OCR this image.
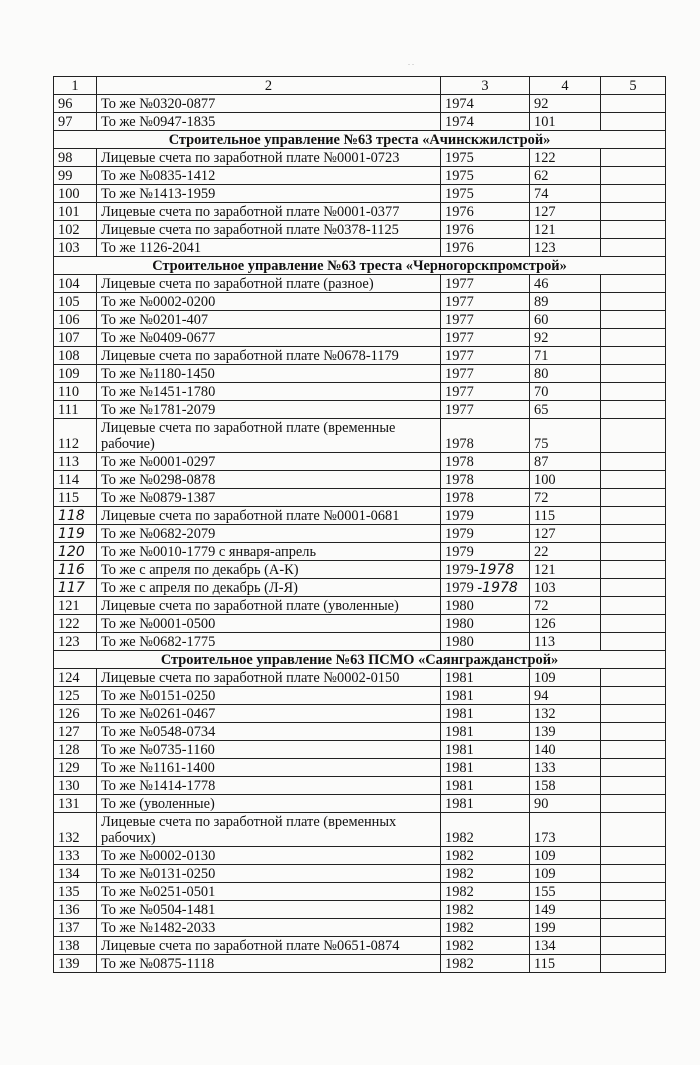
..
1	2	3	4	5
96	То же №0320-0877	1974	92	
97	То же №0947-1835	1974	101	
Строительное управление №63 треста «Ачинскжилстрой»				
98	Лицевые счета по заработной плате №0001-0723	1975	122	
99	То же №0835-1412	1975	62	
100	То же №1413-1959	1975	74	
101	Лицевые счета по заработной плате №0001-0377	1976	127	
102	Лицевые счета по заработной плате №0378-1125	1976	121	
103	То же 1126-2041	1976	123	
Строительное управление №63 треста «Черногорскпромстрой»				
104	Лицевые счета по заработной плате (разное)	1977	46	
105	То же №0002-0200	1977	89	
106	То же №0201-407	1977	60	
107	То же №0409-0677	1977	92	
108	Лицевые счета по заработной плате №0678-1179	1977	71	
109	То же №1180-1450	1977	80	
110	То же №1451-1780	1977	70	
111	То же №1781-2079	1977	65	
112	Лицевые счета по заработной плате (временные рабочие)	1978	75	
113	То же №0001-0297	1978	87	
114	То же №0298-0878	1978	100	
115	То же №0879-1387	1978	72	
118	Лицевые счета по заработной плате №0001-0681	1979	115	
119	То же №0682-2079	1979	127	
120	То же №0010-1779 с января-апрель	1979	22	
116	То же с апреля по декабрь (А-К)	1979-1978	121	
117	То же с апреля по декабрь (Л-Я)	1979 -1978	103	
121	Лицевые счета по заработной плате (уволенные)	1980	72	
122	То же №0001-0500	1980	126	
123	То же №0682-1775	1980	113	
Строительное управление №63 ПСМО «Саянгражданстрой»				
124	Лицевые счета по заработной плате №0002-0150	1981	109	
125	То же №0151-0250	1981	94	
126	То же №0261-0467	1981	132	
127	То же №0548-0734	1981	139	
128	То же №0735-1160	1981	140	
129	То же №1161-1400	1981	133	
130	То же №1414-1778	1981	158	
131	То же (уволенные)	1981	90	
132	Лицевые счета по заработной плате (временных рабочих)	1982	173	
133	То же №0002-0130	1982	109	
134	То же №0131-0250	1982	109	
135	То же №0251-0501	1982	155	
136	То же №0504-1481	1982	149	
137	То же №1482-2033	1982	199	
138	Лицевые счета по заработной плате №0651-0874	1982	134	
139	То же №0875-1118	1982	115	
